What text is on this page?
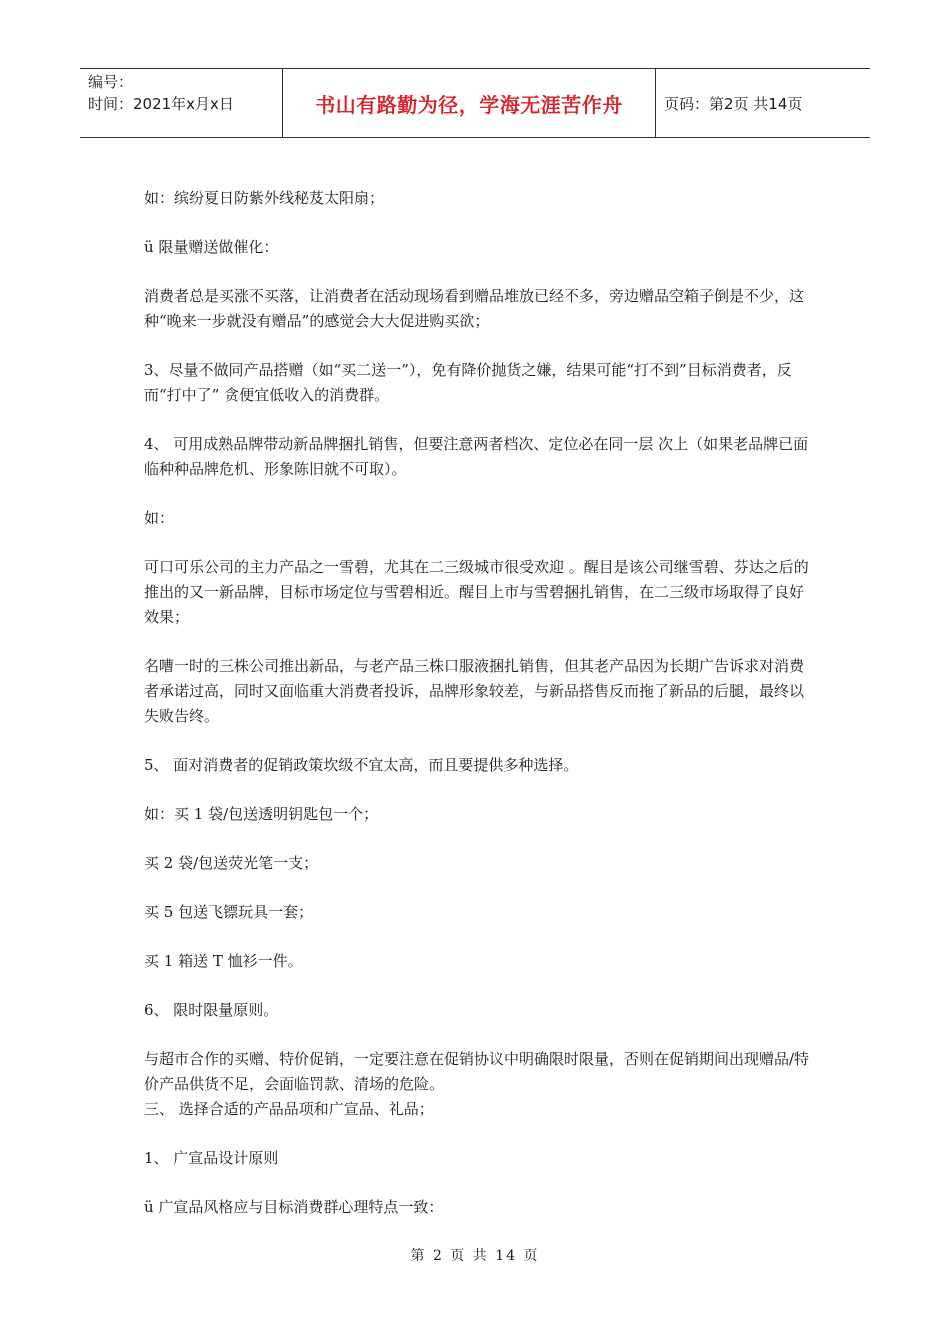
编号：
时间：2021年x月x日	书山有路勤为径，学海无涯苦作舟	页码：第2页 共14页

如：缤纷夏日防紫外线秘芨太阳扇；

ü 限量赠送做催化：

消费者总是买涨不买落，让消费者在活动现场看到赠品堆放已经不多，旁边赠品空箱子倒是不少，这种“晚来一步就没有赠品”的感觉会大大促进购买欲；

3、尽量不做同产品搭赠（如“买二送一”），免有降价抛货之嫌，结果可能“打不到”目标消费者，反而“打中了” 贪便宜低收入的消费群。

4、 可用成熟品牌带动新品牌捆扎销售，但要注意两者档次、定位必在同一层 次上（如果老品牌已面临种种品牌危机、形象陈旧就不可取）。

如：

可口可乐公司的主力产品之一雪碧，尤其在二三级城市很受欢迎 。醒目是该公司继雪碧、芬达之后的推出的又一新品牌，目标市场定位与雪碧相近。醒目上市与雪碧捆扎销售，在二三级市场取得了良好效果；

名嘈一时的三株公司推出新品，与老产品三株口服液捆扎销售，但其老产品因为长期广告诉求对消费者承诺过高，同时又面临重大消费者投诉，品牌形象较差，与新品搭售反而拖了新品的后腿，最终以失败告终。

5、 面对消费者的促销政策坎级不宜太高，而且要提供多种选择。

如：买 1 袋/包送透明钥匙包一个；

买 2 袋/包送荧光笔一支；

买 5 包送飞镖玩具一套；

买 1 箱送 T 恤衫一件。

6、 限时限量原则。

与超市合作的买赠、特价促销，一定要注意在促销协议中明确限时限量，否则在促销期间出现赠品/特价产品供货不足，会面临罚款、清场的危险。

三、 选择合适的产品品项和广宣品、礼品；

1、 广宣品设计原则

ü 广宣品风格应与目标消费群心理特点一致：

第 2 页 共 14 页
